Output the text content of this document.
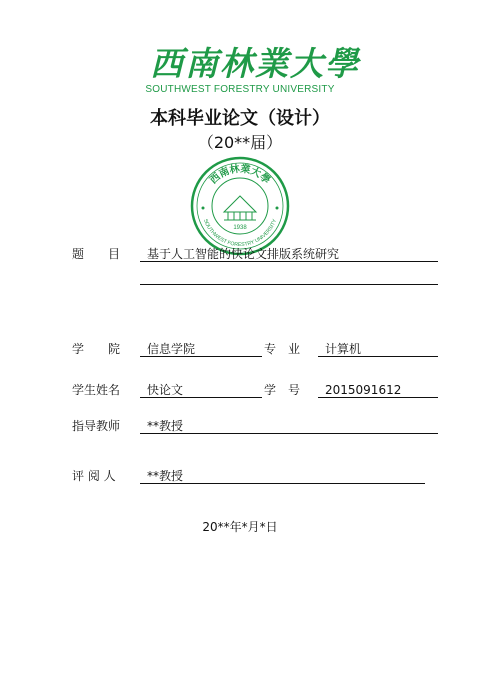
西南林業大學
SOUTHWEST FORESTRY UNIVERSITY
本科毕业论文（设计）
（20**届）
西南林業大學
SOUTHWEST FORESTRY UNIVERSITY
1938
题　　目 基于人工智能的快论文排版系统研究
学　　院 信息学院	专　业 计算机
学生姓名 快论文	学　号 2015091612
指导教师 **教授
评 阅 人	**教授
20**年*月*日
